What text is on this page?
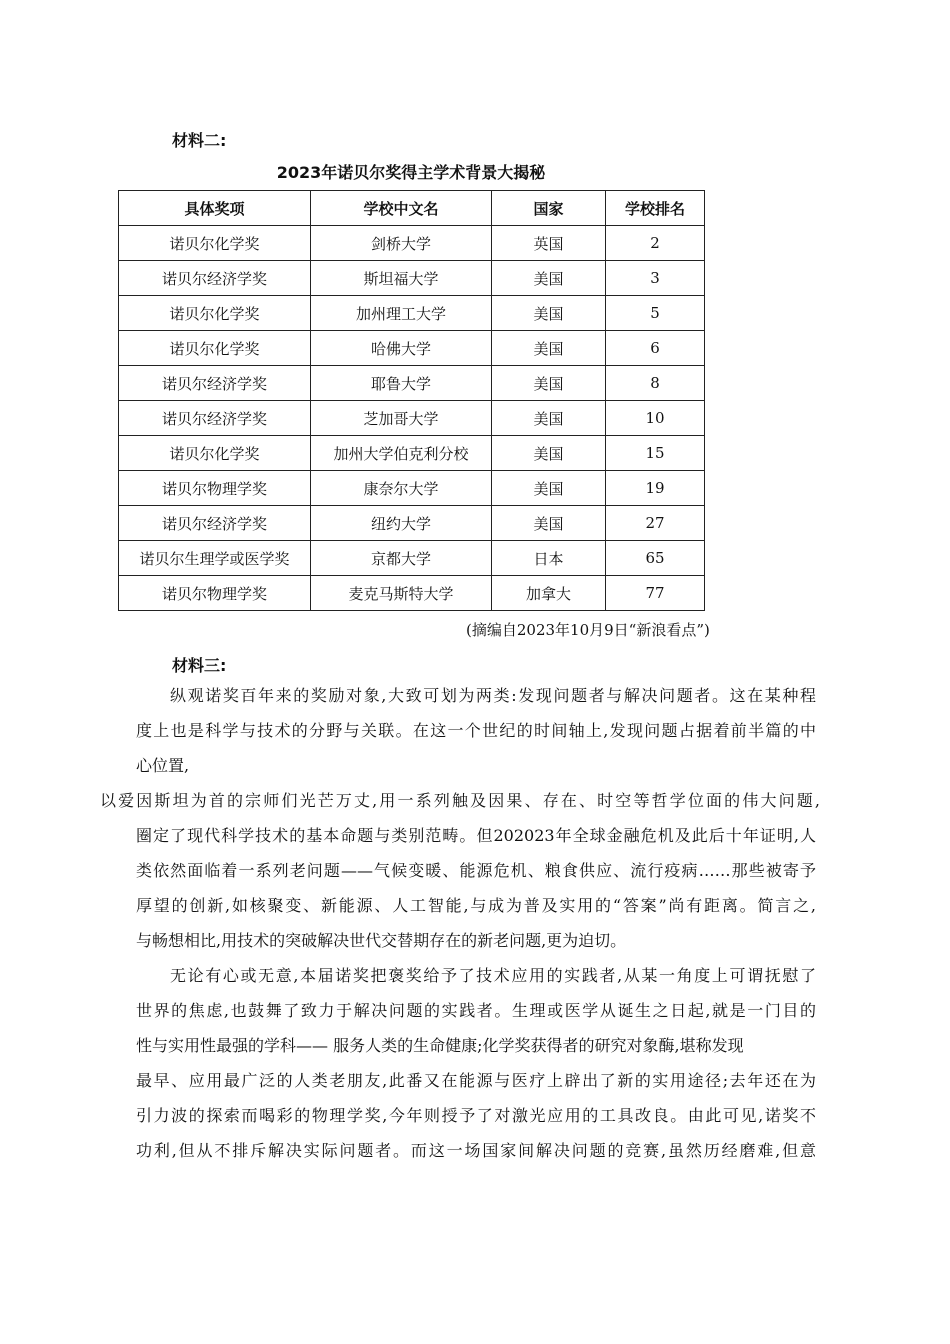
材料二:
2023年诺贝尔奖得主学术背景大揭秘
具体奖项	学校中文名	国家	学校排名
诺贝尔化学奖	剑桥大学	英国	2
诺贝尔经济学奖	斯坦福大学	美国	3
诺贝尔化学奖	加州理工大学	美国	5
诺贝尔化学奖	哈佛大学	美国	6
诺贝尔经济学奖	耶鲁大学	美国	8
诺贝尔经济学奖	芝加哥大学	美国	10
诺贝尔化学奖	加州大学伯克利分校	美国	15
诺贝尔物理学奖	康奈尔大学	美国	19
诺贝尔经济学奖	纽约大学	美国	27
诺贝尔生理学或医学奖	京都大学	日本	65
诺贝尔物理学奖	麦克马斯特大学	加拿大	77
(摘编自2023年10月9日“新浪看点”)
材料三:
纵观诺奖百年来的奖励对象,大致可划为两类:发现问题者与解决问题者。这在某种程
度上也是科学与技术的分野与关联。在这一个世纪的时间轴上,发现问题占据着前半篇的中
心位置,
以爱因斯坦为首的宗师们光芒万丈,用一系列触及因果、存在、时空等哲学位面的伟大问题,
圈定了现代科学技术的基本命题与类别范畴。但202023年全球金融危机及此后十年证明,人
类依然面临着一系列老问题——气候变暖、能源危机、粮食供应、流行疫病……那些被寄予
厚望的创新,如核聚变、新能源、人工智能,与成为普及实用的“答案”尚有距离。简言之,
与畅想相比,用技术的突破解决世代交替期存在的新老问题,更为迫切。
无论有心或无意,本届诺奖把褒奖给予了技术应用的实践者,从某一角度上可谓抚慰了
世界的焦虑,也鼓舞了致力于解决问题的实践者。生理或医学从诞生之日起,就是一门目的
性与实用性最强的学科—— 服务人类的生命健康;化学奖获得者的研究对象酶,堪称发现
最早、应用最广泛的人类老朋友,此番又在能源与医疗上辟出了新的实用途径;去年还在为
引力波的探索而喝彩的物理学奖,今年则授予了对激光应用的工具改良。由此可见,诺奖不
功利,但从不排斥解决实际问题者。而这一场国家间解决问题的竞赛,虽然历经磨难,但意
